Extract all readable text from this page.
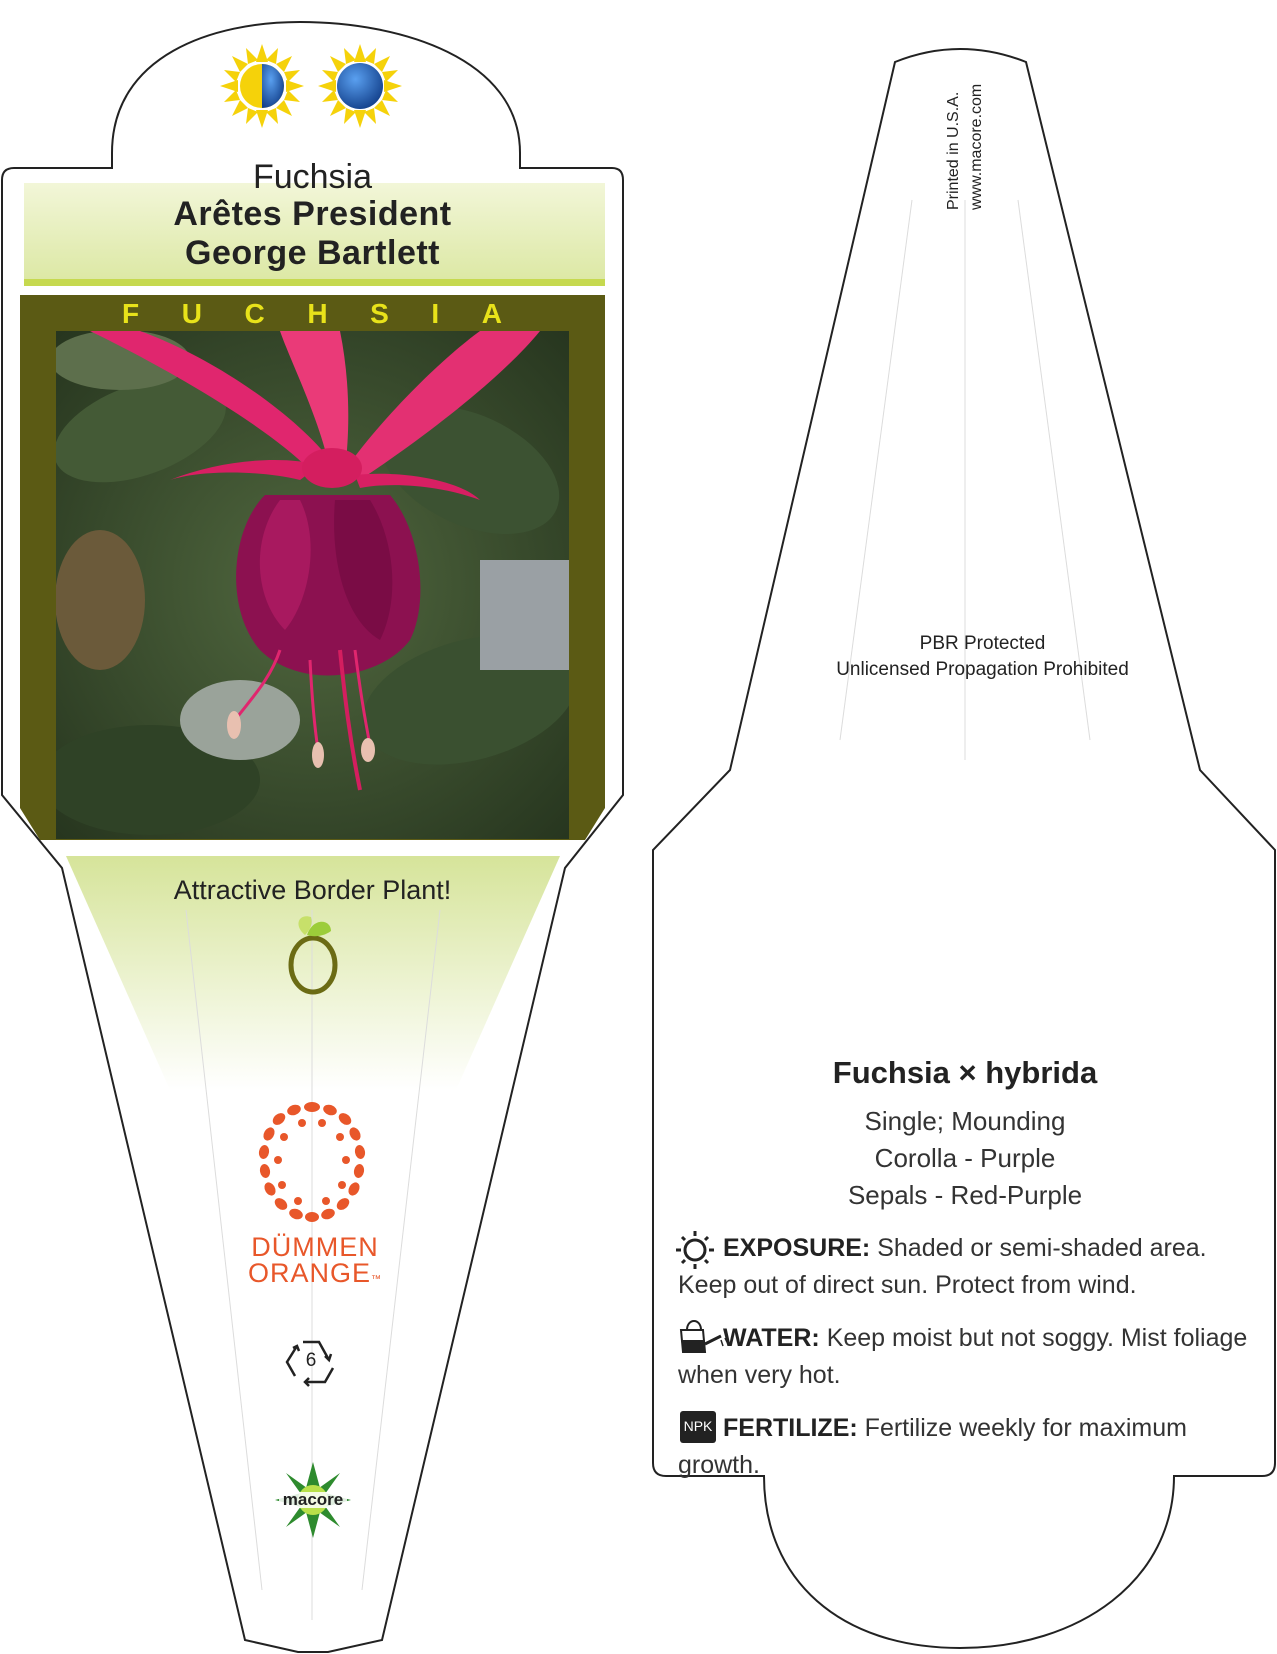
Fuchsia
Arêtes President
George Bartlett
F U C H S I A
Attractive Border Plant!
DÜMMEN
ORANGE™
6
macore
Printed in U.S.A. www.macore.com
PBR Protected
Unlicensed Propagation Prohibited
Fuchsia × hybrida
Single; Mounding
Corolla - Purple
Sepals - Red-Purple
EXPOSURE: Shaded or semi-shaded area. Keep out of direct sun. Protect from wind.
WATER: Keep moist but not soggy. Mist foliage when very hot.
FERTILIZE: Fertilize weekly for maximum growth.
NPK
